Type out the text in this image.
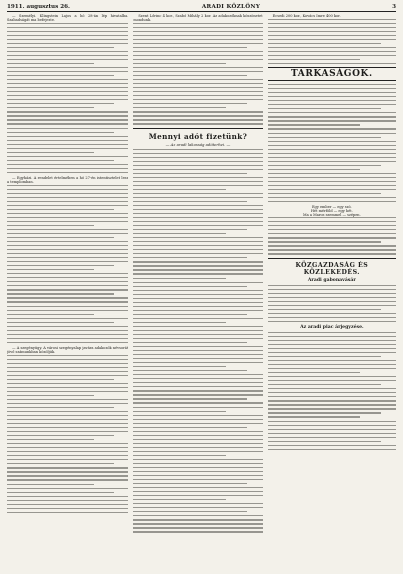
1911. augusztus 26.	ARADI KÖZLÖNY	3

— Személyi. Klingstein Lajos a hó 28-án lép hivatalba. Szabadságát ma befejezte.

— Egyházi. A rendelet értelmében a hó 27-én istentisztelet lesz a templomban.

— A szegényügy. A városi szegényalap javára adakozók névsorát jövő számunkban közöljük.

Szent Lőrinc 4 kor., Szabó Mihály 2 kor. Az adakozóknak köszönetet mondunk.

Mennyi adót fizetünk?
— Az aradi lakosság adóterhei. —

Ecsedi 200 kor., Kovács Imre 400 kor.

TARKASÁGOK.
Egy ember — egy szó.
Hét mérföld — egy hét.
Ma a Maros szemmel — szépen.
KÖZGAZDASÁG ÉS KÖZLEKEDÉS.
Aradi gabonavásár
Az aradi piac árjegyzése.
